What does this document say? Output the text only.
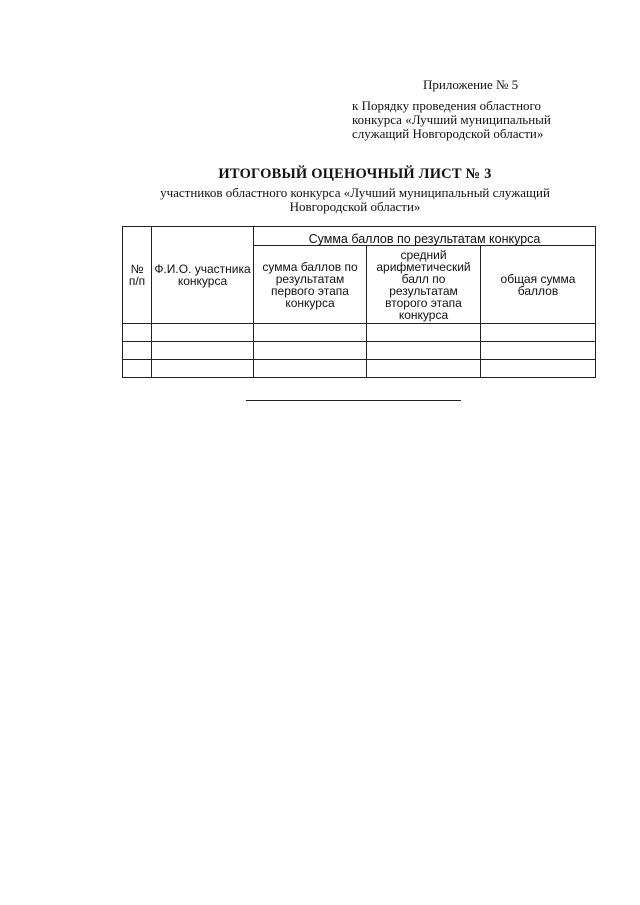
Приложение № 5
к Порядку проведения областного
конкурса «Лучший муниципальный
служащий Новгородской области»
ИТОГОВЫЙ ОЦЕНОЧНЫЙ ЛИСТ № 3
участников областного конкурса «Лучший муниципальный служащий
Новгородской области»
№ п/п	Ф.И.О. участника конкурса	Сумма баллов по результатам конкурса		
		сумма баллов по результатам первого этапа конкурса	средний арифметический балл по результатам второго этапа конкурса	общая сумма баллов
